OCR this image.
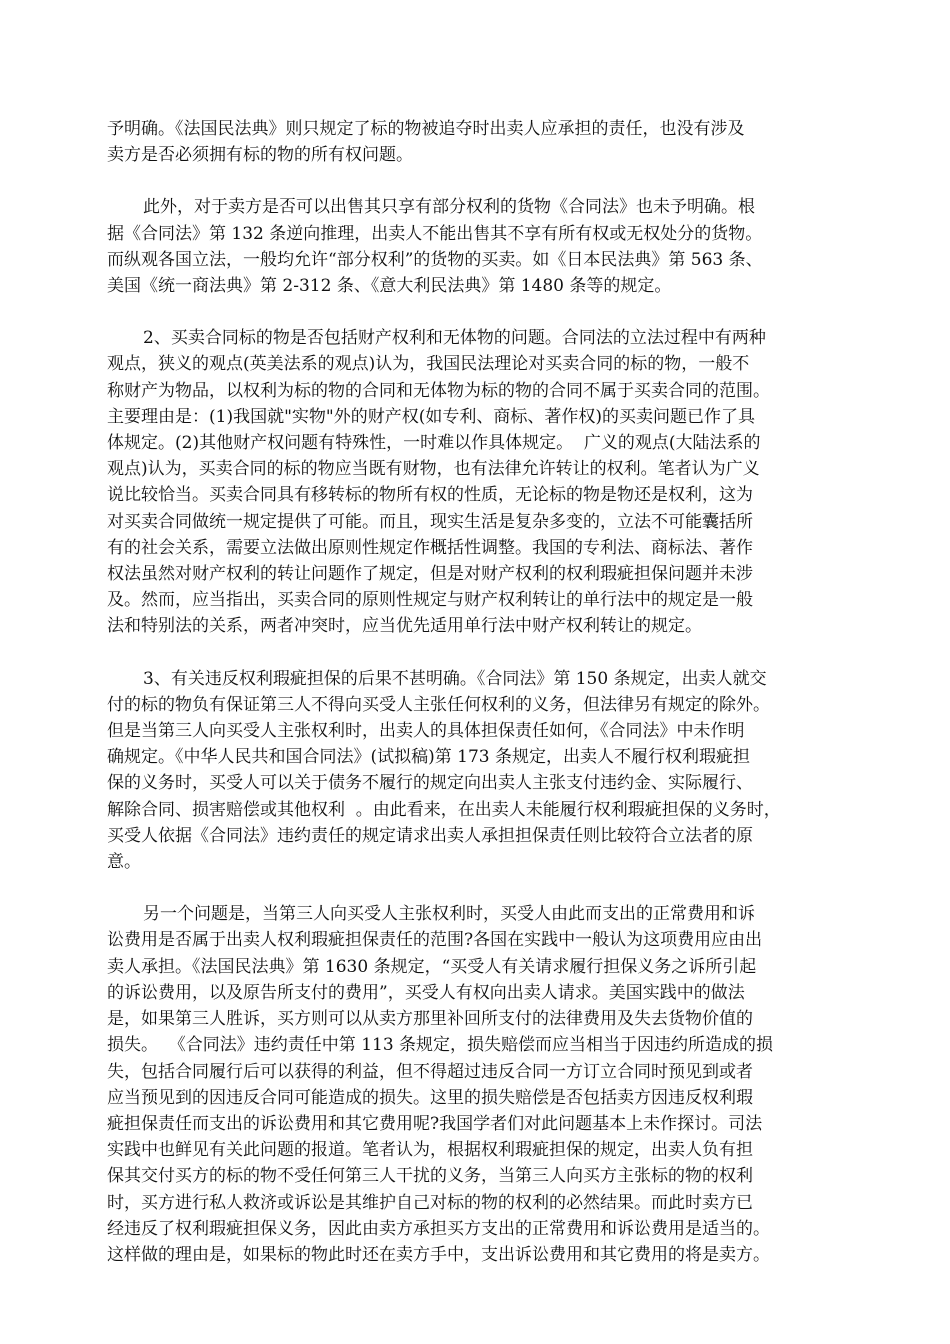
予明确。《法国民法典》则只规定了标的物被追夺时出卖人应承担的责任，也没有涉及
卖方是否必须拥有标的物的所有权问题。
此外，对于卖方是否可以出售其只享有部分权利的货物《合同法》也未予明确。根
据《合同法》第 132 条逆向推理，出卖人不能出售其不享有所有权或无权处分的货物。
而纵观各国立法，一般均允许“部分权利”的货物的买卖。如《日本民法典》第 563 条、
美国《统一商法典》第 2-312 条、《意大利民法典》第 1480 条等的规定。
2、买卖合同标的物是否包括财产权利和无体物的问题。合同法的立法过程中有两种
观点，狭义的观点(英美法系的观点)认为，我国民法理论对买卖合同的标的物，一般不
称财产为物品，以权利为标的物的合同和无体物为标的物的合同不属于买卖合同的范围。
主要理由是：(1)我国就"实物"外的财产权(如专利、商标、著作权)的买卖问题已作了具
体规定。(2)其他财产权问题有特殊性，一时难以作具体规定。  广义的观点(大陆法系的
观点)认为，买卖合同的标的物应当既有财物，也有法律允许转让的权利。笔者认为广义
说比较恰当。买卖合同具有移转标的物所有权的性质，无论标的物是物还是权利，这为
对买卖合同做统一规定提供了可能。而且，现实生活是复杂多变的，立法不可能囊括所
有的社会关系，需要立法做出原则性规定作概括性调整。我国的专利法、商标法、著作
权法虽然对财产权利的转让问题作了规定，但是对财产权利的权利瑕疵担保问题并未涉
及。然而，应当指出，买卖合同的原则性规定与财产权利转让的单行法中的规定是一般
法和特别法的关系，两者冲突时，应当优先适用单行法中财产权利转让的规定。
3、有关违反权利瑕疵担保的后果不甚明确。《合同法》第 150 条规定，出卖人就交
付的标的物负有保证第三人不得向买受人主张任何权利的义务，但法律另有规定的除外。
但是当第三人向买受人主张权利时，出卖人的具体担保责任如何，《合同法》中未作明
确规定。《中华人民共和国合同法》(试拟稿)第 173 条规定，出卖人不履行权利瑕疵担
保的义务时，买受人可以关于债务不履行的规定向出卖人主张支付违约金、实际履行、
解除合同、损害赔偿或其他权利  。由此看来，在出卖人未能履行权利瑕疵担保的义务时，
买受人依据《合同法》违约责任的规定请求出卖人承担担保责任则比较符合立法者的原
意。
另一个问题是，当第三人向买受人主张权利时，买受人由此而支出的正常费用和诉
讼费用是否属于出卖人权利瑕疵担保责任的范围?各国在实践中一般认为这项费用应由出
卖人承担。《法国民法典》第 1630 条规定，“买受人有关请求履行担保义务之诉所引起
的诉讼费用，以及原告所支付的费用”，买受人有权向出卖人请求。美国实践中的做法
是，如果第三人胜诉，买方则可以从卖方那里补回所支付的法律费用及失去货物价值的
损失。  《合同法》违约责任中第 113 条规定，损失赔偿而应当相当于因违约所造成的损
失，包括合同履行后可以获得的利益，但不得超过违反合同一方订立合同时预见到或者
应当预见到的因违反合同可能造成的损失。这里的损失赔偿是否包括卖方因违反权利瑕
疵担保责任而支出的诉讼费用和其它费用呢?我国学者们对此问题基本上未作探讨。司法
实践中也鲜见有关此问题的报道。笔者认为，根据权利瑕疵担保的规定，出卖人负有担
保其交付买方的标的物不受任何第三人干扰的义务，当第三人向买方主张标的物的权利
时，买方进行私人救济或诉讼是其维护自己对标的物的权利的必然结果。而此时卖方已
经违反了权利瑕疵担保义务，因此由卖方承担买方支出的正常费用和诉讼费用是适当的。
这样做的理由是，如果标的物此时还在卖方手中，支出诉讼费用和其它费用的将是卖方。
